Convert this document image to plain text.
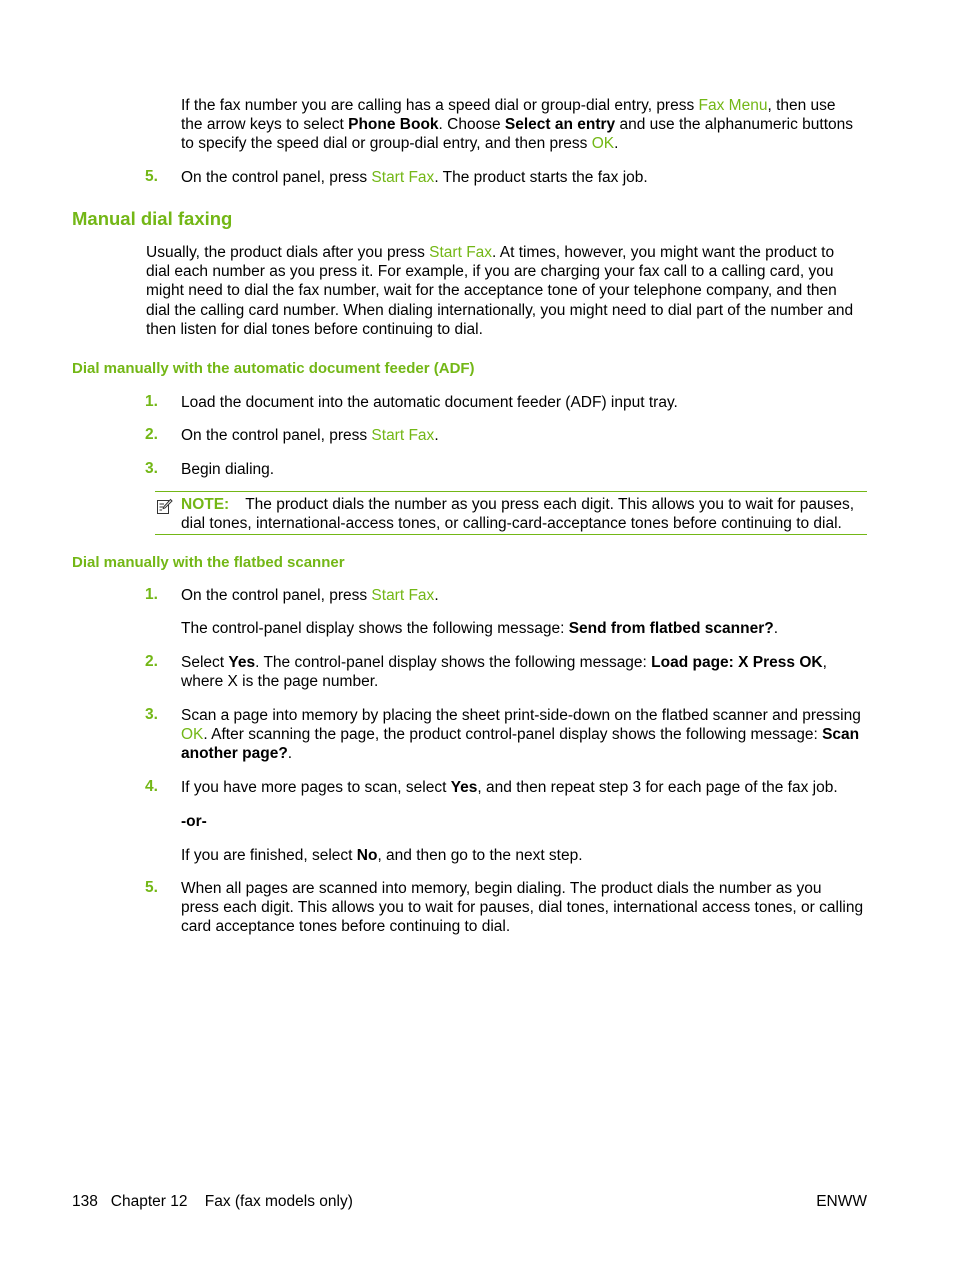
If the fax number you are calling has a speed dial or group-dial entry, press Fax Menu, then use
the arrow keys to select Phone Book. Choose Select an entry and use the alphanumeric buttons
to specify the speed dial or group-dial entry, and then press OK.
5. On the control panel, press Start Fax. The product starts the fax job.
Manual dial faxing
Usually, the product dials after you press Start Fax. At times, however, you might want the product to
dial each number as you press it. For example, if you are charging your fax call to a calling card, you
might need to dial the fax number, wait for the acceptance tone of your telephone company, and then
dial the calling card number. When dialing internationally, you might need to dial part of the number and
then listen for dial tones before continuing to dial.
Dial manually with the automatic document feeder (ADF)
1. Load the document into the automatic document feeder (ADF) input tray.
2. On the control panel, press Start Fax.
3. Begin dialing.
NOTE: The product dials the number as you press each digit. This allows you to wait for pauses,
dial tones, international-access tones, or calling-card-acceptance tones before continuing to dial.
Dial manually with the flatbed scanner
1. On the control panel, press Start Fax.
The control-panel display shows the following message: Send from flatbed scanner?.
2. Select Yes. The control-panel display shows the following message: Load page: X Press OK,
where X is the page number.
3. Scan a page into memory by placing the sheet print-side-down on the flatbed scanner and pressing
OK. After scanning the page, the product control-panel display shows the following message: Scan
another page?.
4. If you have more pages to scan, select Yes, and then repeat step 3 for each page of the fax job.
-or-
If you are finished, select No, and then go to the next step.
5. When all pages are scanned into memory, begin dialing. The product dials the number as you
press each digit. This allows you to wait for pauses, dial tones, international access tones, or calling
card acceptance tones before continuing to dial.
138 Chapter 12 Fax (fax models only)	ENWW
